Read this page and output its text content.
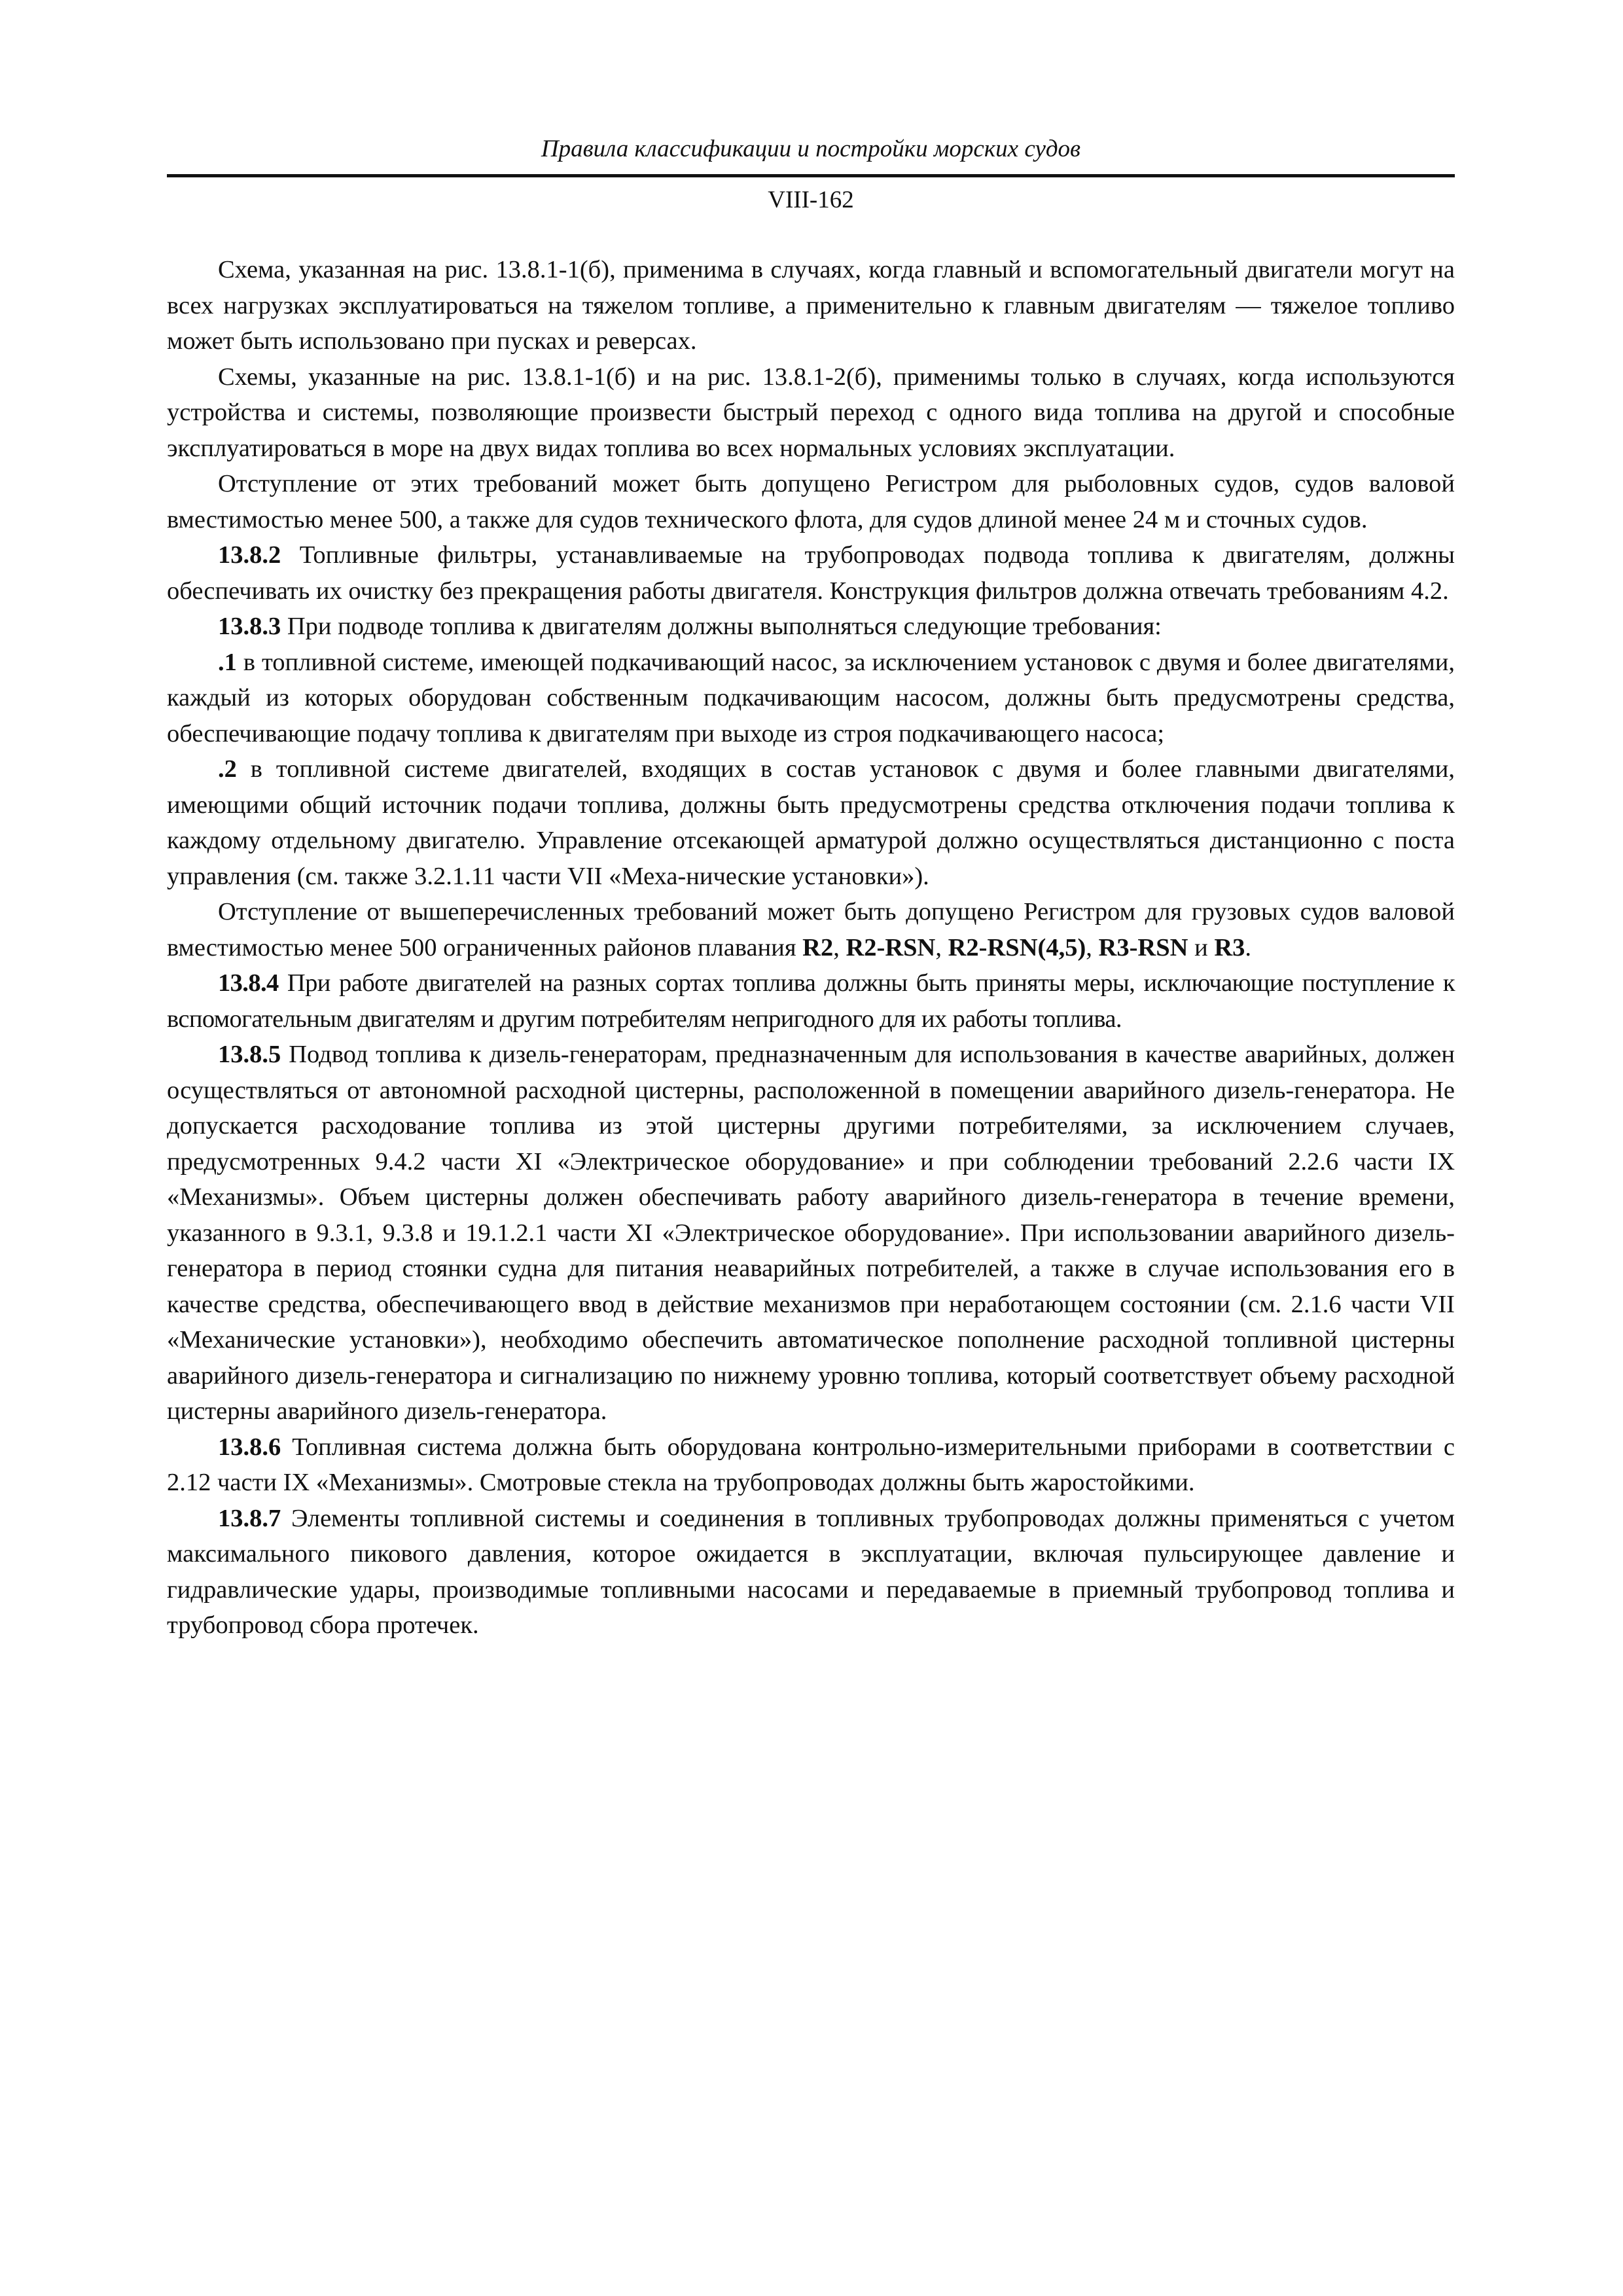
Правила классификации и постройки морских судов
VIII-162

Схема, указанная на рис. 13.8.1-1(б), применима в случаях, когда главный и вспомогательный двигатели могут на всех нагрузках эксплуатироваться на тяжелом топливе, а применительно к главным двигателям — тяжелое топливо может быть использовано при пусках и реверсах.

Схемы, указанные на рис. 13.8.1-1(б) и на рис. 13.8.1-2(б), применимы только в случаях, когда используются устройства и системы, позволяющие произвести быстрый переход с одного вида топлива на другой и способные эксплуатироваться в море на двух видах топлива во всех нормальных условиях эксплуатации.

Отступление от этих требований может быть допущено Регистром для рыболовных судов, судов валовой вместимостью менее 500, а также для судов технического флота, для судов длиной менее 24 м и сточных судов.

13.8.2 Топливные фильтры, устанавливаемые на трубопроводах подвода топлива к двигателям, должны обеспечивать их очистку без прекращения работы двигателя. Конструкция фильтров должна отвечать требованиям 4.2.

13.8.3 При подводе топлива к двигателям должны выполняться следующие требования:

.1 в топливной системе, имеющей подкачивающий насос, за исключением установок с двумя и более двигателями, каждый из которых оборудован собственным подкачивающим насосом, должны быть предусмотрены средства, обеспечивающие подачу топлива к двигателям при выходе из строя подкачивающего насоса;

.2 в топливной системе двигателей, входящих в состав установок с двумя и более главными двигателями, имеющими общий источник подачи топлива, должны быть предусмотрены средства отключения подачи топлива к каждому отдельному двигателю. Управление отсекающей арматурой должно осуществляться дистанционно с поста управления (см. также 3.2.1.11 части VII «Меха-нические установки»).

Отступление от вышеперечисленных требований может быть допущено Регистром для грузовых судов валовой вместимостью менее 500 ограниченных районов плавания R2, R2-RSN, R2-RSN(4,5), R3-RSN и R3.

13.8.4 При работе двигателей на разных сортах топлива должны быть приняты меры, исключающие поступление к вспомогательным двигателям и другим потребителям непригодного для их работы топлива.

13.8.5 Подвод топлива к дизель-генераторам, предназначенным для использования в качестве аварийных, должен осуществляться от автономной расходной цистерны, расположенной в помещении аварийного дизель-генератора. Не допускается расходование топлива из этой цистерны другими потребителями, за исключением случаев, предусмотренных 9.4.2 части XI «Электрическое оборудование» и при соблюдении требований 2.2.6 части IX «Механизмы». Объем цистерны должен обеспечивать работу аварийного дизель-генератора в течение времени, указанного в 9.3.1, 9.3.8 и 19.1.2.1 части XI «Электрическое оборудование». При использовании аварийного дизель-генератора в период стоянки судна для питания неаварийных потребителей, а также в случае использования его в качестве средства, обеспечивающего ввод в действие механизмов при неработающем состоянии (см. 2.1.6 части VII «Механические установки»), необходимо обеспечить автоматическое пополнение расходной топливной цистерны аварийного дизель-генератора и сигнализацию по нижнему уровню топлива, который соответствует объему расходной цистерны аварийного дизель-генератора.

13.8.6 Топливная система должна быть оборудована контрольно-измерительными приборами в соответствии с 2.12 части IX «Механизмы». Смотровые стекла на трубопроводах должны быть жаростойкими.

13.8.7 Элементы топливной системы и соединения в топливных трубопроводах должны применяться с учетом максимального пикового давления, которое ожидается в эксплуатации, включая пульсирующее давление и гидравлические удары, производимые топливными насосами и передаваемые в приемный трубопровод топлива и трубопровод сбора протечек.
